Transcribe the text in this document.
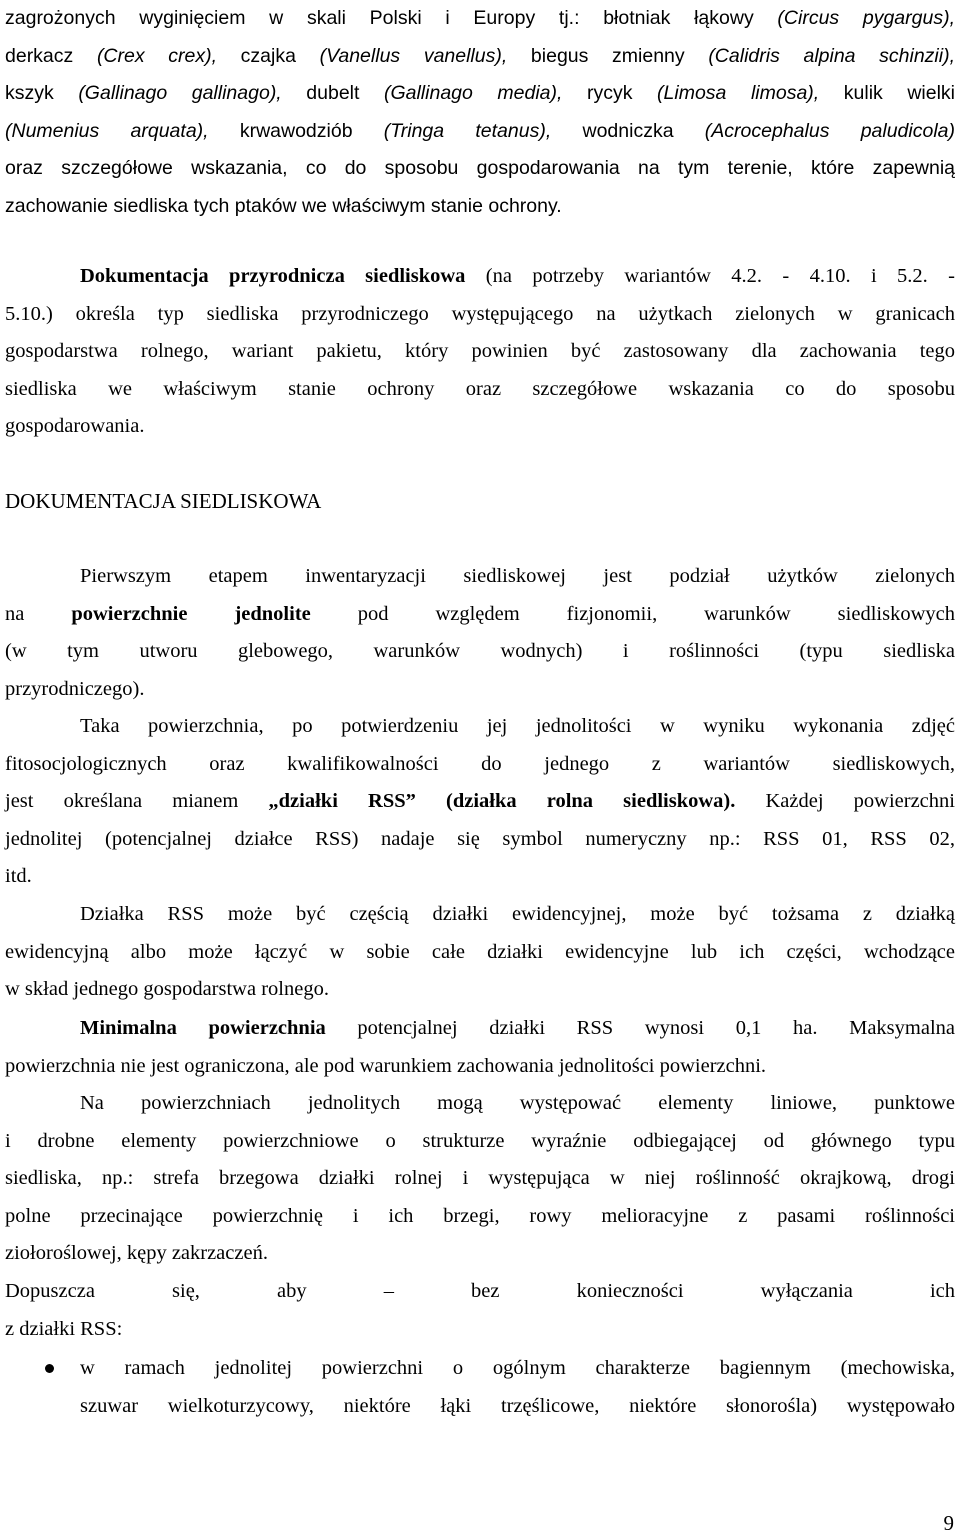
zagrożonych wyginięciem w skali Polski i Europy tj.: błotniak łąkowy (Circus pygargus),
derkacz (Crex crex), czajka (Vanellus vanellus), biegus zmienny (Calidris alpina schinzii),
kszyk (Gallinago gallinago), dubelt (Gallinago media), rycyk (Limosa limosa), kulik wielki
(Numenius arquata), krwawodziób (Tringa tetanus), wodniczka (Acrocephalus paludicola)
oraz szczegółowe wskazania, co do sposobu gospodarowania na tym terenie, które zapewnią
zachowanie siedliska tych ptaków we właściwym stanie ochrony.
Dokumentacja przyrodnicza siedliskowa (na potrzeby wariantów 4.2. - 4.10. i 5.2. -
5.10.) określa typ siedliska przyrodniczego występującego na użytkach zielonych w granicach
gospodarstwa rolnego, wariant pakietu, który powinien być zastosowany dla zachowania tego
siedliska we właściwym stanie ochrony oraz szczegółowe wskazania co do sposobu
gospodarowania.
DOKUMENTACJA SIEDLISKOWA
Pierwszym etapem inwentaryzacji siedliskowej jest podział użytków zielonych
na powierzchnie jednolite pod względem fizjonomii, warunków siedliskowych
(w tym utworu glebowego, warunków wodnych) i roślinności (typu siedliska
przyrodniczego).
Taka powierzchnia, po potwierdzeniu jej jednolitości w wyniku wykonania zdjęć
fitosocjologicznych oraz kwalifikowalności do jednego z wariantów siedliskowych,
jest określana mianem „działki RSS” (działka rolna siedliskowa). Każdej powierzchni
jednolitej (potencjalnej działce RSS) nadaje się symbol numeryczny np.: RSS 01, RSS 02,
itd.
Działka RSS może być częścią działki ewidencyjnej, może być tożsama z działką
ewidencyjną albo może łączyć w sobie całe działki ewidencyjne lub ich części, wchodzące
w skład jednego gospodarstwa rolnego.
Minimalna powierzchnia potencjalnej działki RSS wynosi 0,1 ha. Maksymalna
powierzchnia nie jest ograniczona, ale pod warunkiem zachowania jednolitości powierzchni.
Na powierzchniach jednolitych mogą występować elementy liniowe, punktowe
i drobne elementy powierzchniowe o strukturze wyraźnie odbiegającej od głównego typu
siedliska, np.: strefa brzegowa działki rolnej i występująca w niej roślinność okrajkową, drogi
polne przecinające powierzchnię i ich brzegi, rowy melioracyjne z pasami roślinności
ziołoroślowej, kępy zakrzaczeń.
Dopuszcza się, aby – bez konieczności wyłączania ich
z działki RSS:
w ramach jednolitej powierzchni o ogólnym charakterze bagiennym (mechowiska,
szuwar wielkoturzycowy, niektóre łąki trzęślicowe, niektóre słonorośla) występowało

9
